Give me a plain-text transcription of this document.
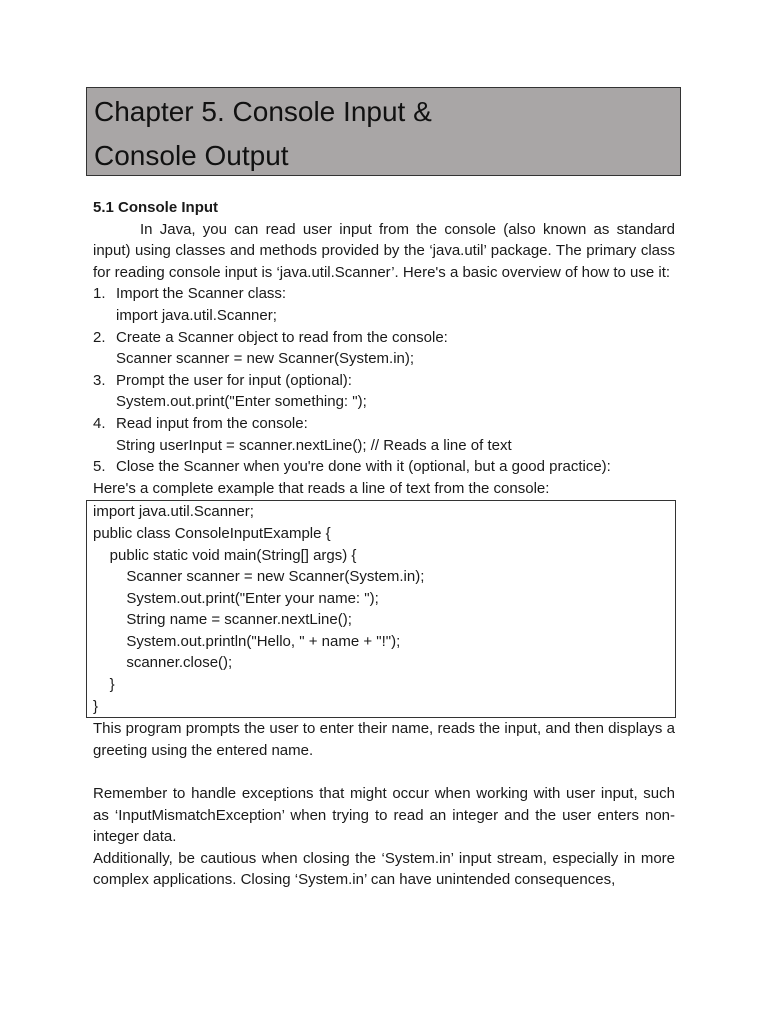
Chapter 5. Console Input &
Console Output

5.1 Console Input

In Java, you can read user input from the console (also known as standard input) using classes and methods provided by the ‘java.util’ package. The primary class for reading console input is ‘java.util.Scanner’. Here's a basic overview of how to use it:

1. Import the Scanner class:
import java.util.Scanner;
2. Create a Scanner object to read from the console:
Scanner scanner = new Scanner(System.in);
3. Prompt the user for input (optional):
System.out.print("Enter something: ");
4. Read input from the console:
String userInput = scanner.nextLine(); // Reads a line of text
5. Close the Scanner when you're done with it (optional, but a good practice):

Here's a complete example that reads a line of text from the console:

import java.util.Scanner;
public class ConsoleInputExample {
public static void main(String[] args) {
Scanner scanner = new Scanner(System.in);
System.out.print("Enter your name: ");
String name = scanner.nextLine();
System.out.println("Hello, " + name + "!");
scanner.close();
}
}

This program prompts the user to enter their name, reads the input, and then displays a greeting using the entered name.

Remember to handle exceptions that might occur when working with user input, such as ‘InputMismatchException’ when trying to read an integer and the user enters non-integer data.

Additionally, be cautious when closing the ‘System.in’ input stream, especially in more complex applications. Closing ‘System.in’ can have unintended consequences,
